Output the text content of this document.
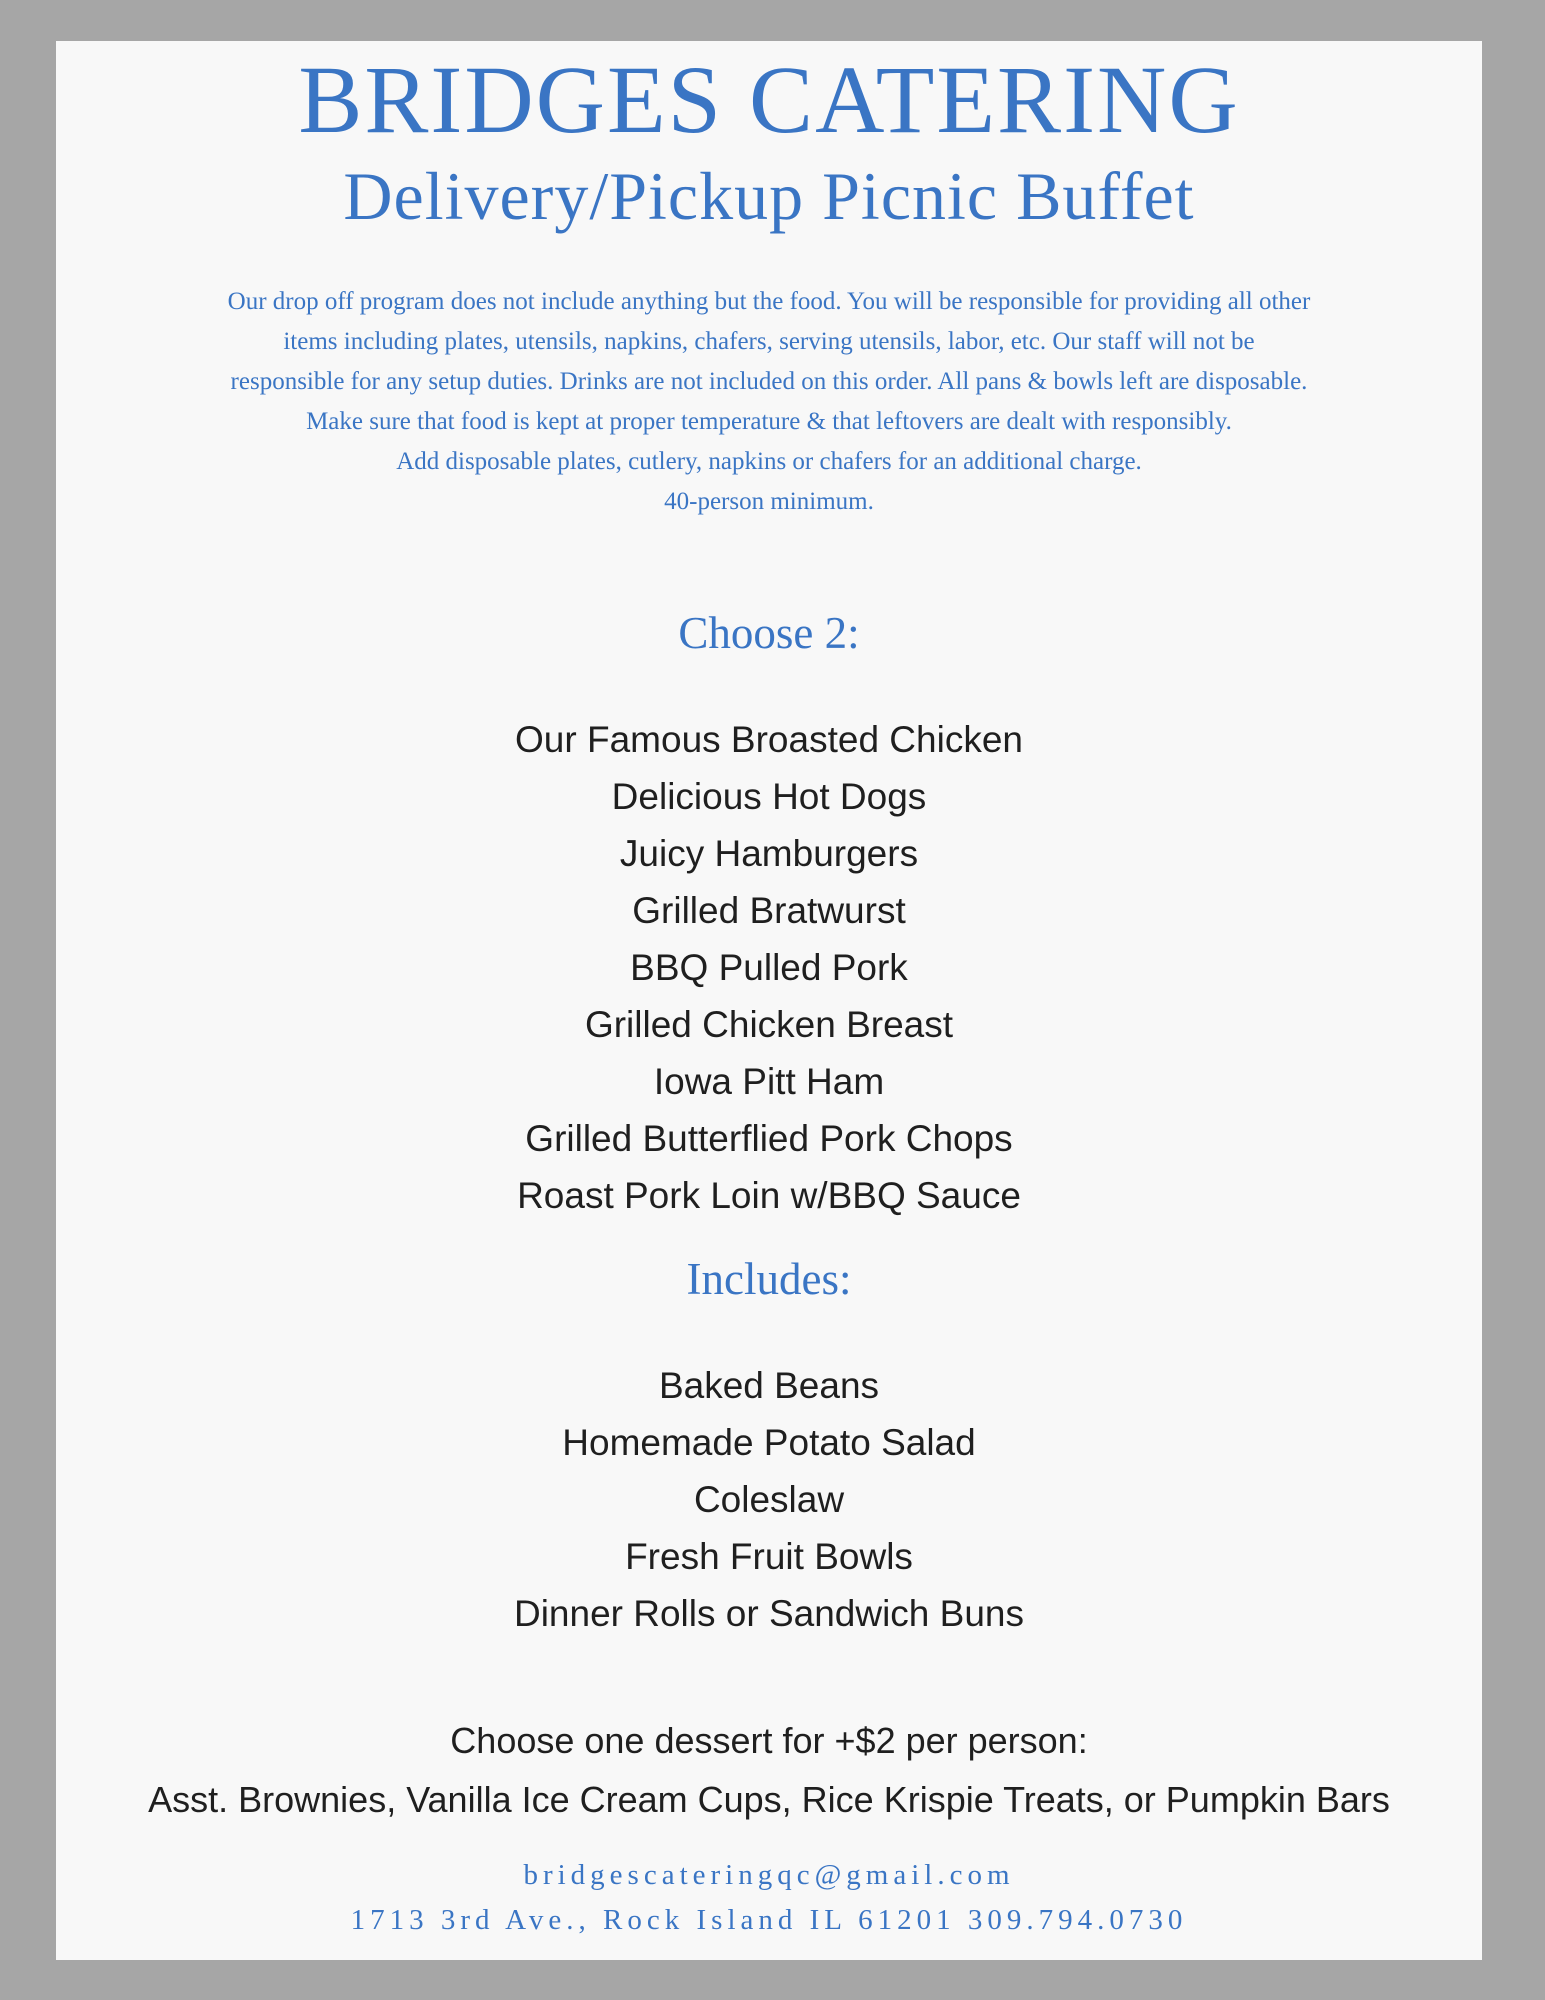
BRIDGES CATERING
Delivery/Pickup Picnic Buffet
Our drop off program does not include anything but the food. You will be responsible for providing all other
items including plates, utensils, napkins, chafers, serving utensils, labor, etc. Our staff will not be
responsible for any setup duties. Drinks are not included on this order. All pans & bowls left are disposable.
Make sure that food is kept at proper temperature & that leftovers are dealt with responsibly.
Add disposable plates, cutlery, napkins or chafers for an additional charge.
40-person minimum.
Choose 2:
Our Famous Broasted Chicken
Delicious Hot Dogs
Juicy Hamburgers
Grilled Bratwurst
BBQ Pulled Pork
Grilled Chicken Breast
Iowa Pitt Ham
Grilled Butterflied Pork Chops
Roast Pork Loin w/BBQ Sauce
Includes:
Baked Beans
Homemade Potato Salad
Coleslaw
Fresh Fruit Bowls
Dinner Rolls or Sandwich Buns
Choose one dessert for +$2 per person:
Asst. Brownies, Vanilla Ice Cream Cups, Rice Krispie Treats, or Pumpkin Bars
bridgescateringqc@gmail.com
1713 3rd Ave., Rock Island IL 61201 309.794.0730
